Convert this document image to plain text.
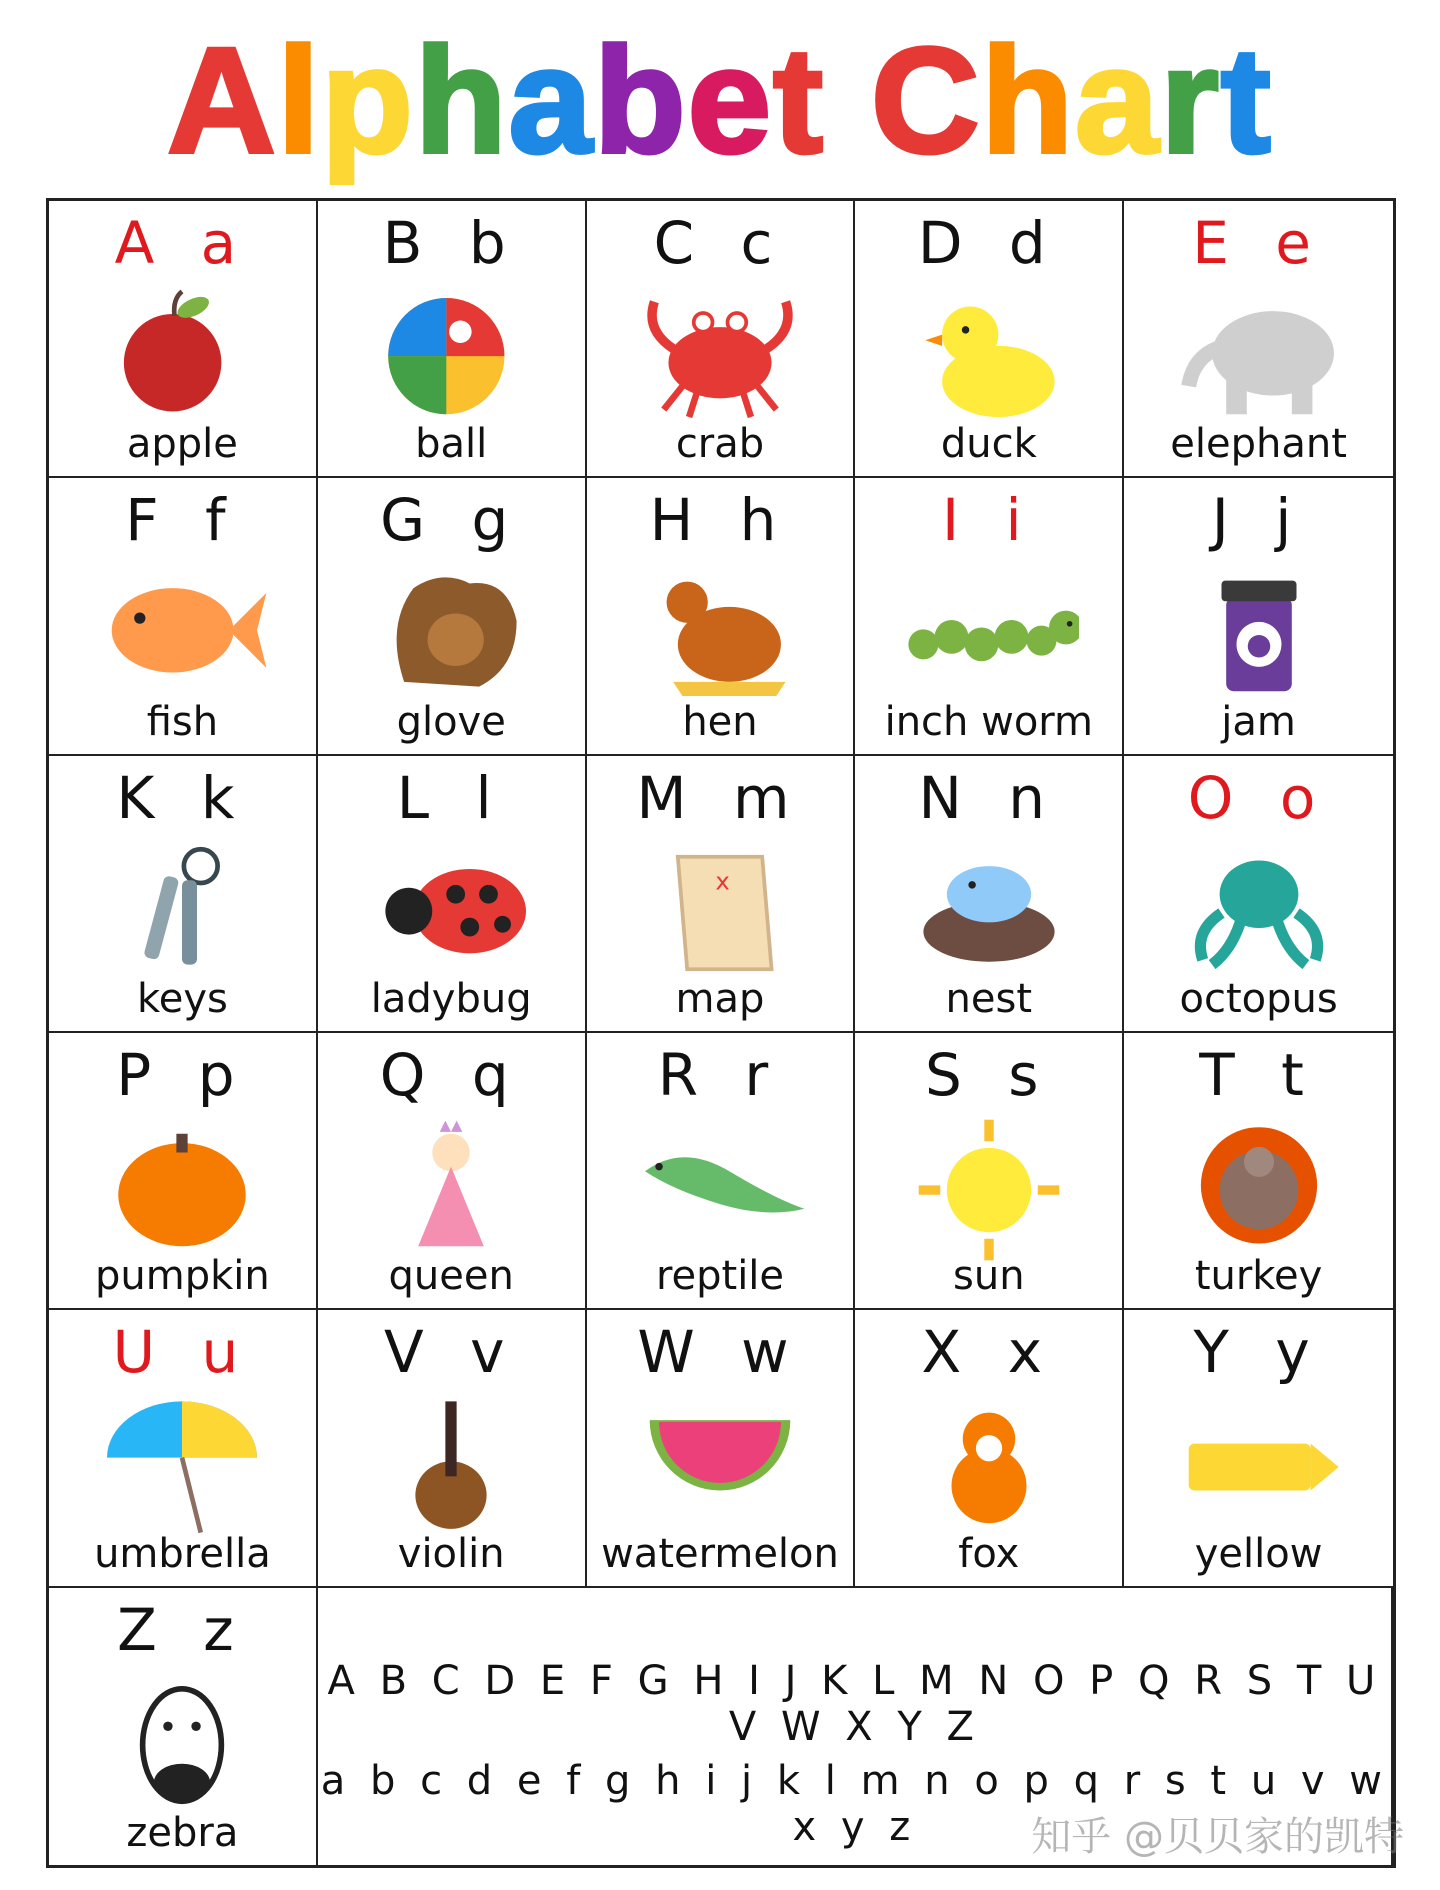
A l p h a b e t C h a r t
A a
apple
B b
ball
C c
crab
D d
duck
E e
elephant
F f
fish
G g
glove
H h
hen
I i
inch worm
J j
jam
K k
keys
L l
ladybug
M m
x
map
N n
nest
O o
octopus
P p
pumpkin
Q q
queen
R r
reptile
S s
sun
T t
turkey
U u
umbrella
V v
violin
W w
watermelon
X x
fox
Y y
yellow
Z z
zebra
A B C D E F G H I J K L M N O P Q R S T U V W X Y Z
a b c d e f g h i j k l m n o p q r s t u v w x y z	知乎 @贝贝家的凯特
